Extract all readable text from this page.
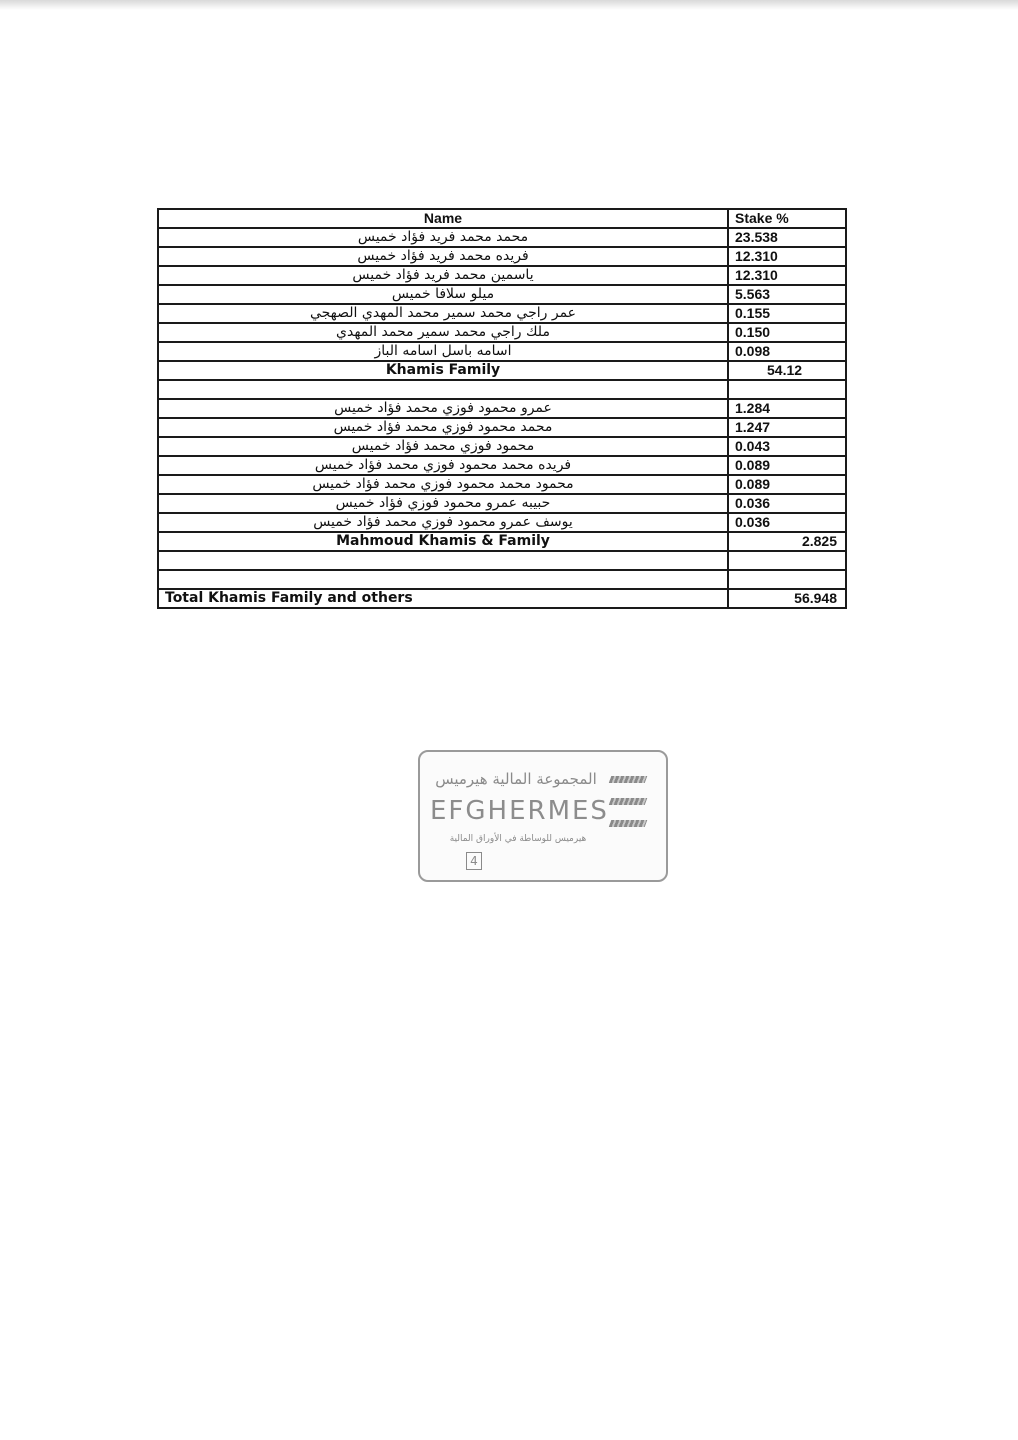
Name	Stake %
محمد محمد فريد فؤاد خميس	23.538
فريده محمد فريد فؤاد خميس	12.310
ياسمين محمد فريد فؤاد خميس	12.310
ميلو سلافا خميس	5.563
عمر راجي محمد سمير محمد المهدي الصهجي	0.155
ملك راجي محمد سمير محمد المهدي	0.150
اسامه باسل اسامه الباز	0.098
Khamis Family	54.12

عمرو محمود فوزي محمد فؤاد خميس	1.284
محمد محمود فوزي محمد فؤاد خميس	1.247
محمود فوزي محمد فؤاد خميس	0.043
فريده محمد محمود فوزي محمد فؤاد خميس	0.089
محمود محمد محمود فوزي محمد فؤاد خميس	0.089
حبيبه عمرو محمود فوزي فؤاد خميس	0.036
يوسف عمرو محمود فوزي محمد فؤاد خميس	0.036
Mahmoud Khamis & Family	2.825

Total Khamis Family and others	56.948
المجموعة المالية هيرميس
EFGHERMES
هيرميس للوساطة في الأوراق المالية
4
